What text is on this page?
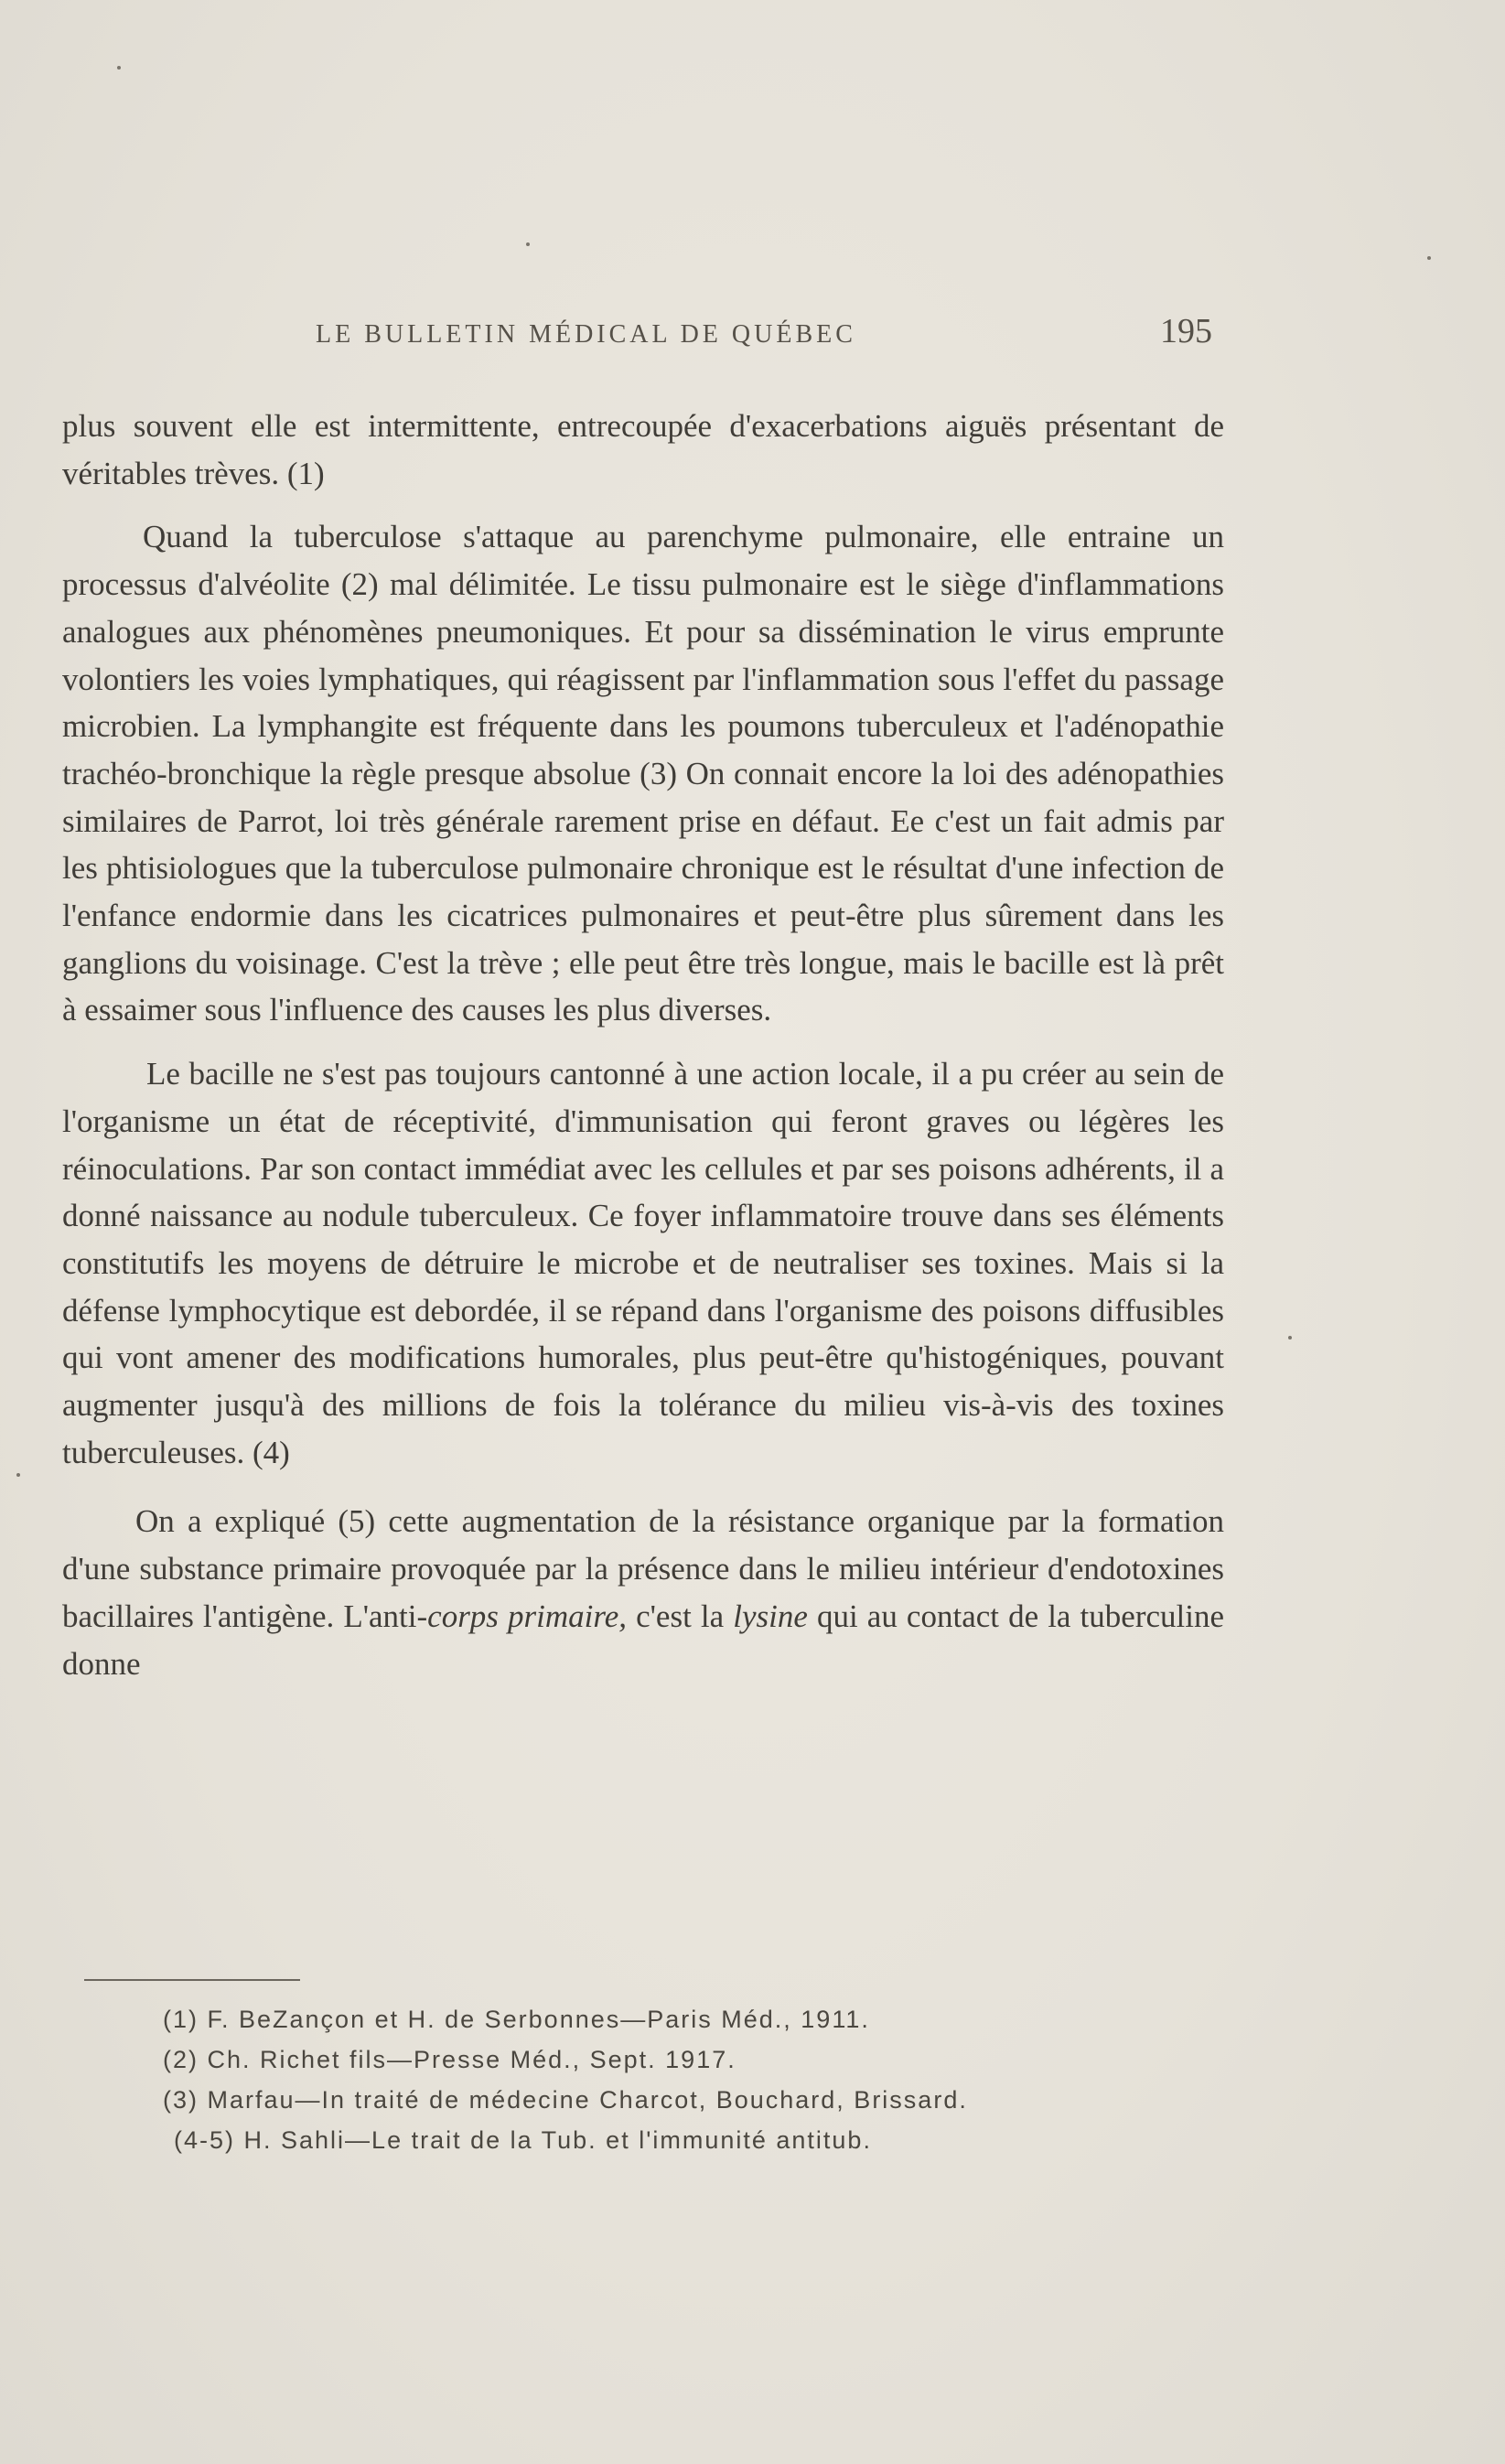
LE BULLETIN MÉDICAL DE QUÉBEC	195

plus souvent elle est intermittente, entrecoupée d'exacerbations aiguës présentant de véritables trèves. (1)

Quand la tuberculose s'attaque au parenchyme pulmonaire, elle entraine un processus d'alvéolite (2) mal délimitée. Le tissu pulmonaire est le siège d'inflammations analogues aux phénomènes pneumoniques. Et pour sa dissémination le virus emprunte volontiers les voies lymphatiques, qui réagissent par l'inflammation sous l'effet du passage microbien. La lymphangite est fréquente dans les poumons tuberculeux et l'adénopathie trachéo-bronchique la règle presque absolue (3) On connait encore la loi des adénopathies similaires de Parrot, loi très générale rarement prise en défaut. Ee c'est un fait admis par les phtisiologues que la tuberculose pulmonaire chronique est le résultat d'une infection de l'enfance endormie dans les cicatrices pulmonaires et peut-être plus sûrement dans les ganglions du voisinage. C'est la trève ; elle peut être très longue, mais le bacille est là prêt à essaimer sous l'influence des causes les plus diverses.

Le bacille ne s'est pas toujours cantonné à une action locale, il a pu créer au sein de l'organisme un état de réceptivité, d'immunisation qui feront graves ou légères les réinoculations. Par son contact immédiat avec les cellules et par ses poisons adhérents, il a donné naissance au nodule tuberculeux. Ce foyer inflammatoire trouve dans ses éléments constitutifs les moyens de détruire le microbe et de neutraliser ses toxines. Mais si la défense lymphocytique est debordée, il se répand dans l'organisme des poisons diffusibles qui vont amener des modifications humorales, plus peut-être qu'histogéniques, pouvant augmenter jusqu'à des millions de fois la tolérance du milieu vis-à-vis des toxines tuberculeuses. (4)

On a expliqué (5) cette augmentation de la résistance organique par la formation d'une substance primaire provoquée par la présence dans le milieu intérieur d'endotoxines bacillaires l'antigène. L'anti-corps primaire, c'est la lysine qui au contact de la tuberculine donne

(1) F. BeZançon et H. de Serbonnes—Paris Méd., 1911.
(2) Ch. Richet fils—Presse Méd., Sept. 1917.
(3) Marfau—In traité de médecine Charcot, Bouchard, Brissard.
(4-5) H. Sahli—Le trait de la Tub. et l'immunité antitub.
